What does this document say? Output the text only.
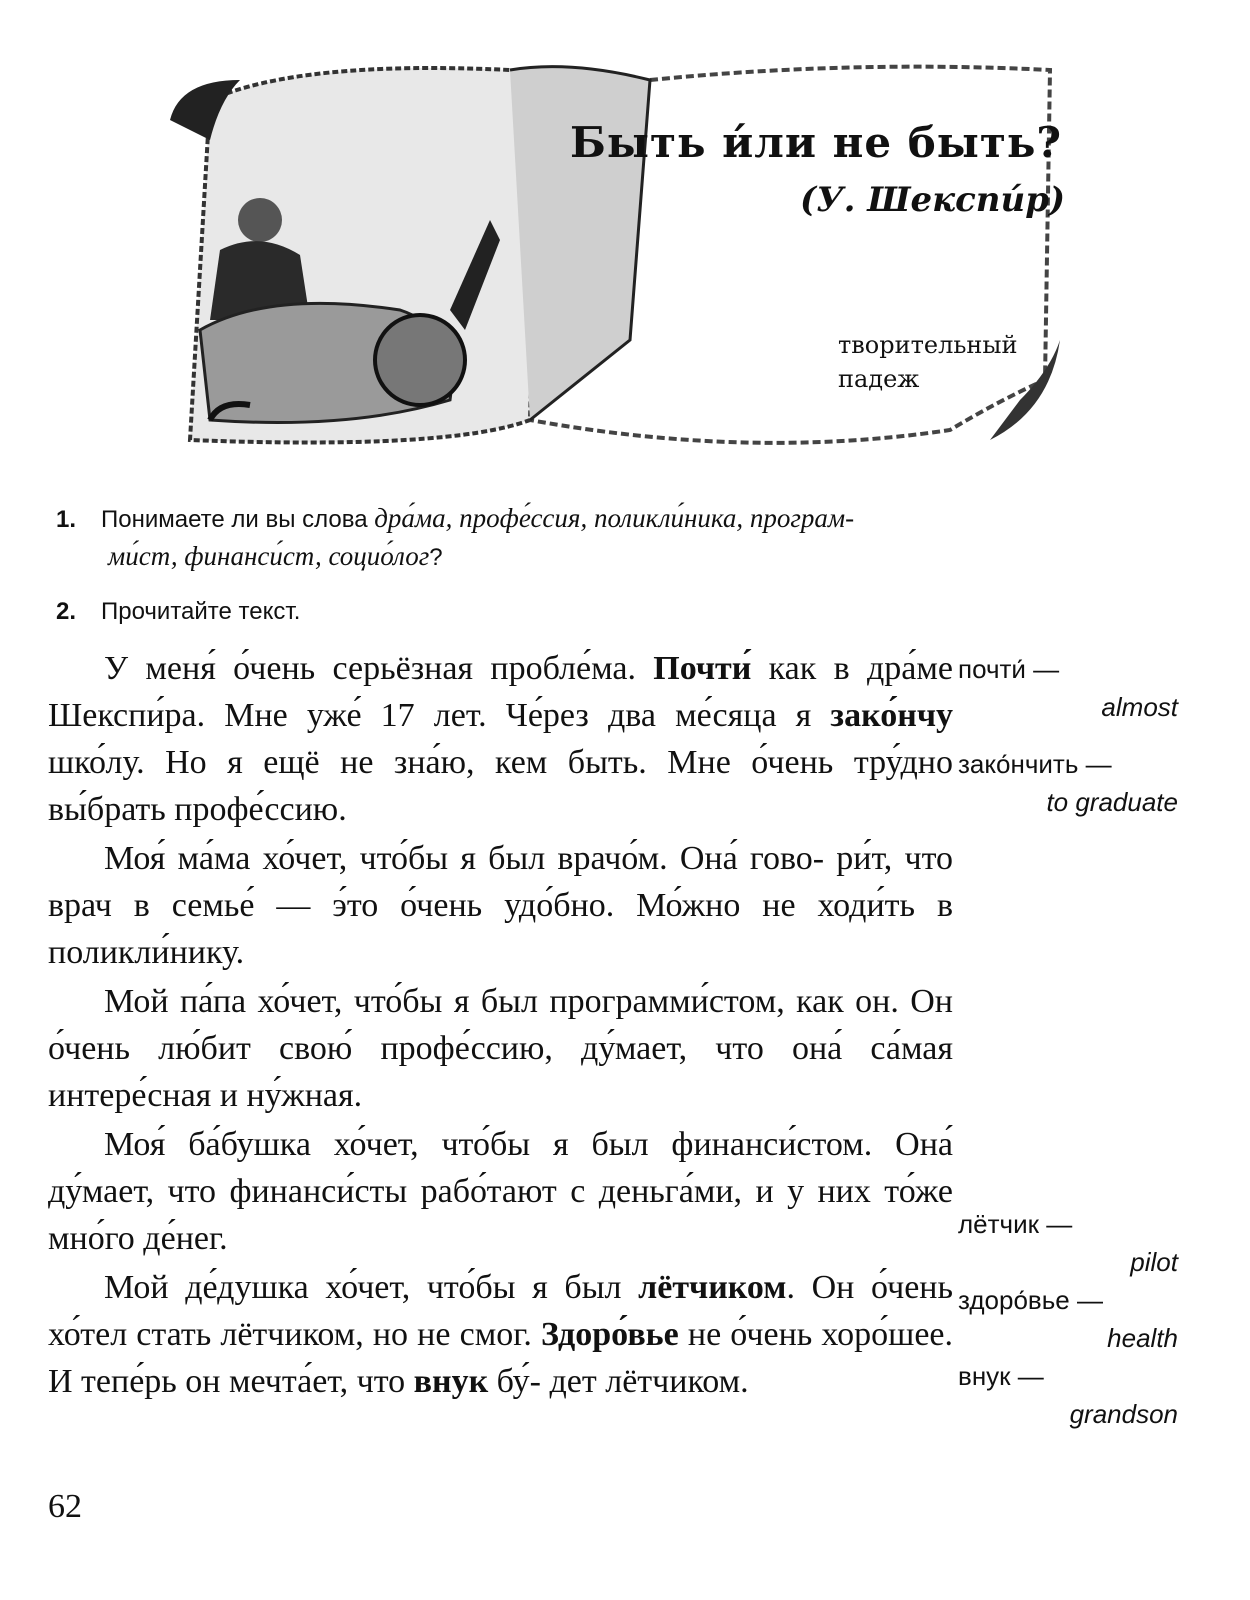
Быть и́ли не быть?
(У. Шекспи́р)
творительный
падеж
1. Понимаете ли вы слова дра́ма, профе́ссия, поликли́ника, програм-
ми́ст, финанси́ст, социо́лог?
2. Прочитайте текст.

У меня́ о́чень серьёзная пробле́ма. Почти́ как в дра́ме Шекспи́ра. Мне уже́ 17 лет. Че́рез два ме́сяца я зако́нчу шко́лу. Но я ещё не зна́ю, кем быть. Мне о́чень тру́дно вы́брать профе́ссию.

Моя́ ма́ма хо́чет, что́бы я был врачо́м. Она́ гово- ри́т, что врач в семье́ — э́то о́чень удо́бно. Мо́жно не ходи́ть в поликли́нику.

Мой па́па хо́чет, что́бы я был программи́стом, как он. Он о́чень лю́бит свою́ профе́ссию, ду́мает, что она́ са́мая интере́сная и ну́жная.

Моя́ ба́бушка хо́чет, что́бы я был финанси́стом. Она́ ду́мает, что финанси́сты рабо́тают с деньга́ми, и у них то́же мно́го де́нег.

Мой де́душка хо́чет, что́бы я был лётчиком. Он о́чень хо́тел стать лётчиком, но не смог. Здоро́вье не о́чень хоро́шее. И тепе́рь он мечта́ет, что внук бу́- дет лётчиком.

почти́ —
almost
зако́нчить —
to graduate
лётчик —
pilot
здоро́вье —
health
внук —
grandson
62
